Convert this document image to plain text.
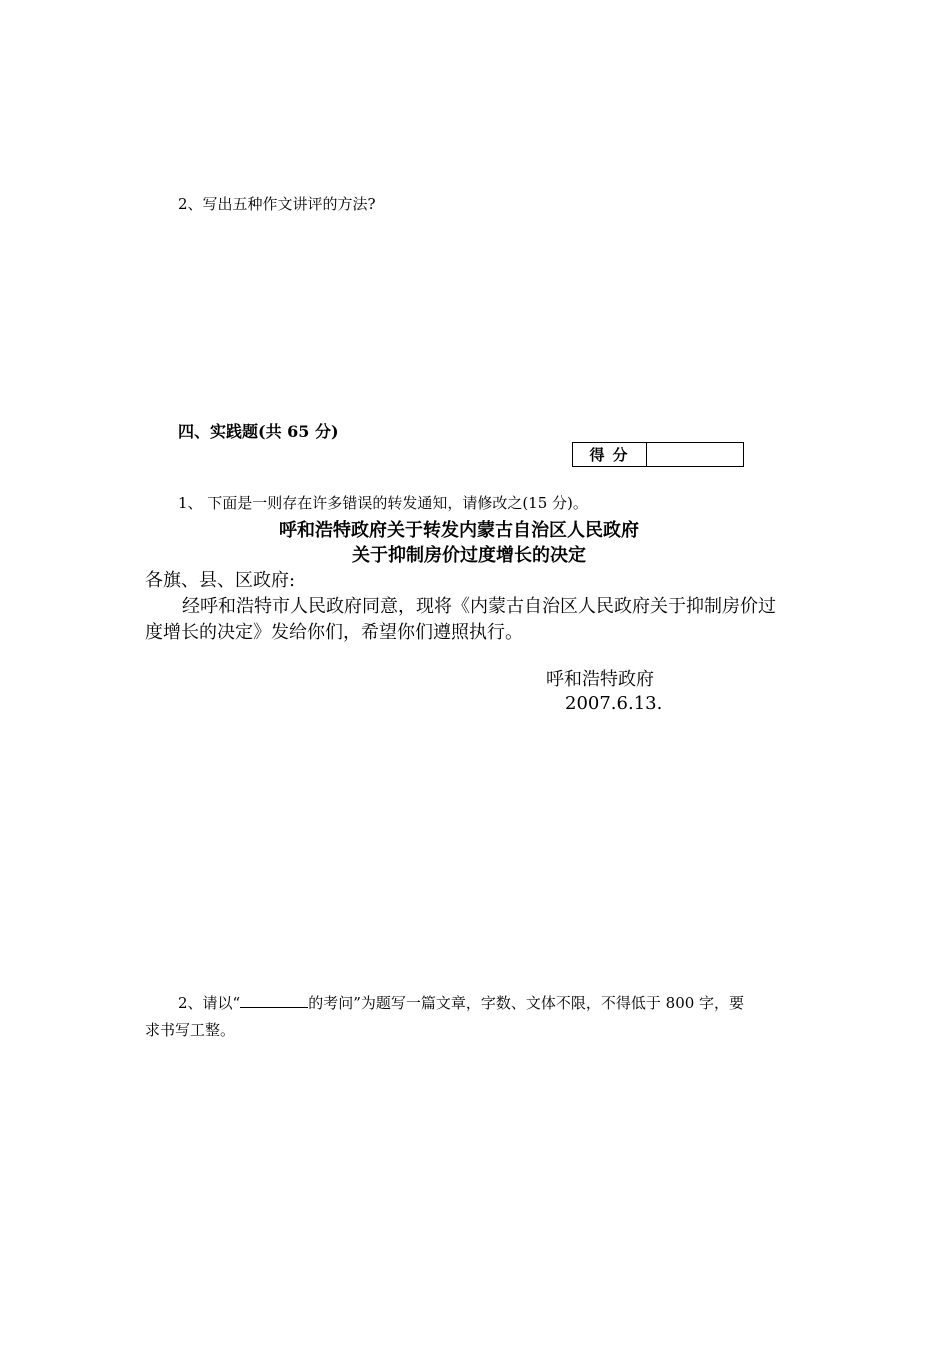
2、写出五种作文讲评的方法?
四、实践题(共 65 分)
得分
1、 下面是一则存在许多错误的转发通知，请修改之(15 分)。
呼和浩特政府关于转发内蒙古自治区人民政府
关于抑制房价过度增长的决定
各旗、县、区政府:
经呼和浩特市人民政府同意，现将《内蒙古自治区人民政府关于抑制房价过
度增长的决定》发给你们，希望你们遵照执行。
呼和浩特政府
2007.6.13.
2、请以“	的考问”为题写一篇文章，字数、文体不限，不得低于 800 字，要
求书写工整。
